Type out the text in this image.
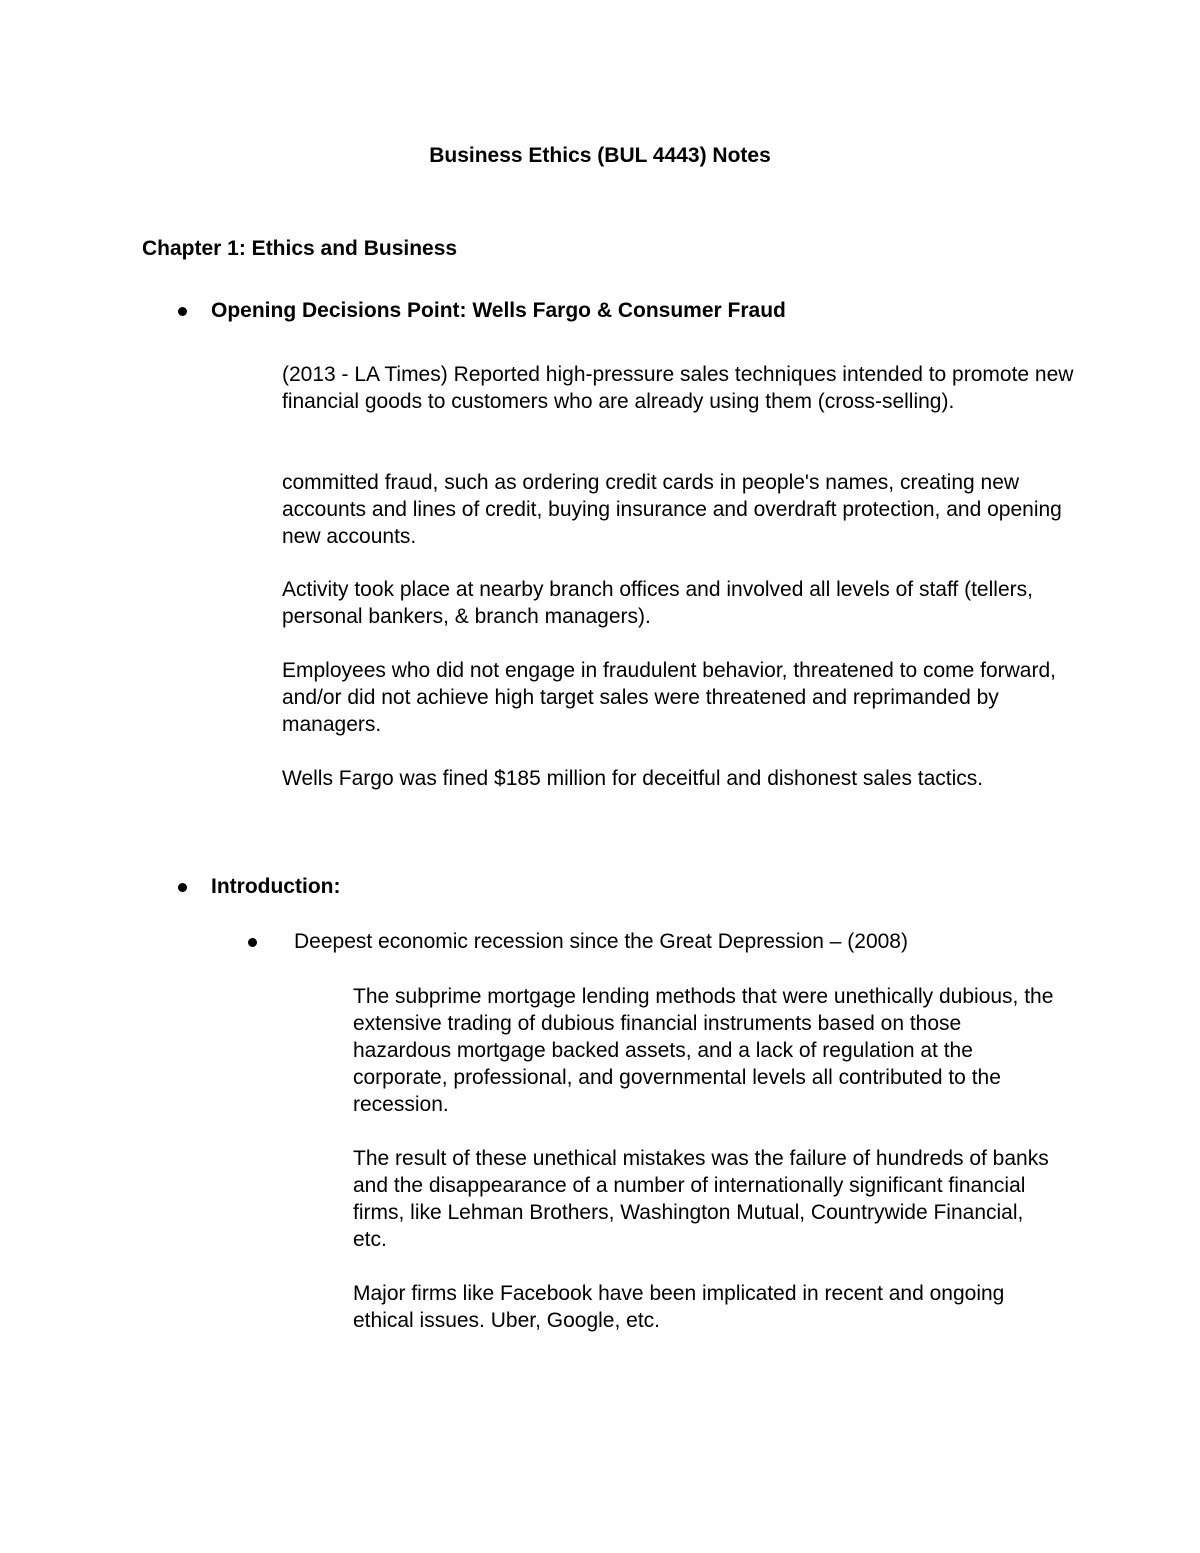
Business Ethics (BUL 4443) Notes
Chapter 1: Ethics and Business
Opening Decisions Point: Wells Fargo & Consumer Fraud

(2013 - LA Times) Reported high-pressure sales techniques intended to promote new financial goods to customers who are already using them (cross-selling).

committed fraud, such as ordering credit cards in people's names, creating new accounts and lines of credit, buying insurance and overdraft protection, and opening new accounts.

Activity took place at nearby branch offices and involved all levels of staff (tellers, personal bankers, & branch managers).

Employees who did not engage in fraudulent behavior, threatened to come forward, and/or did not achieve high target sales were threatened and reprimanded by managers.

Wells Fargo was fined $185 million for deceitful and dishonest sales tactics.

Introduction:
Deepest economic recession since the Great Depression – (2008)

The subprime mortgage lending methods that were unethically dubious, the extensive trading of dubious financial instruments based on those hazardous mortgage backed assets, and a lack of regulation at the corporate, professional, and governmental levels all contributed to the recession.

The result of these unethical mistakes was the failure of hundreds of banks and the disappearance of a number of internationally significant financial firms, like Lehman Brothers, Washington Mutual, Countrywide Financial, etc.

Major firms like Facebook have been implicated in recent and ongoing ethical issues. Uber, Google, etc.
